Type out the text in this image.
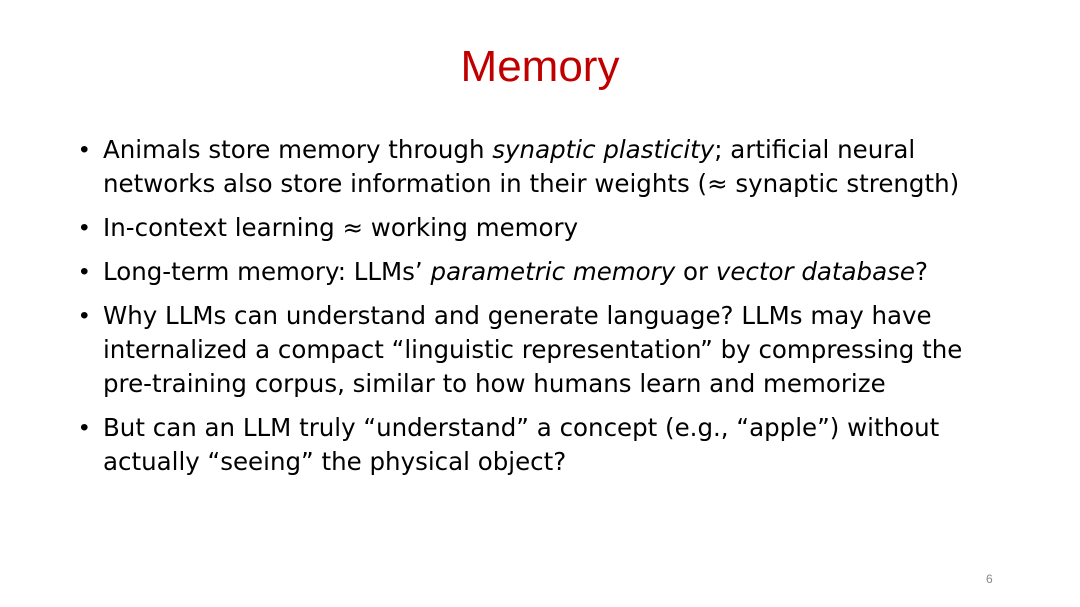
Memory
• Animals store memory through synaptic plasticity; artificial neural networks also store information in their weights (≈ synaptic strength)
• In-context learning ≈ working memory
• Long-term memory: LLMs’ parametric memory or vector database?
• Why LLMs can understand and generate language? LLMs may have internalized a compact “linguistic representation” by compressing the pre-training corpus, similar to how humans learn and memorize
• But can an LLM truly “understand” a concept (e.g., “apple”) without actually “seeing” the physical object?
6
